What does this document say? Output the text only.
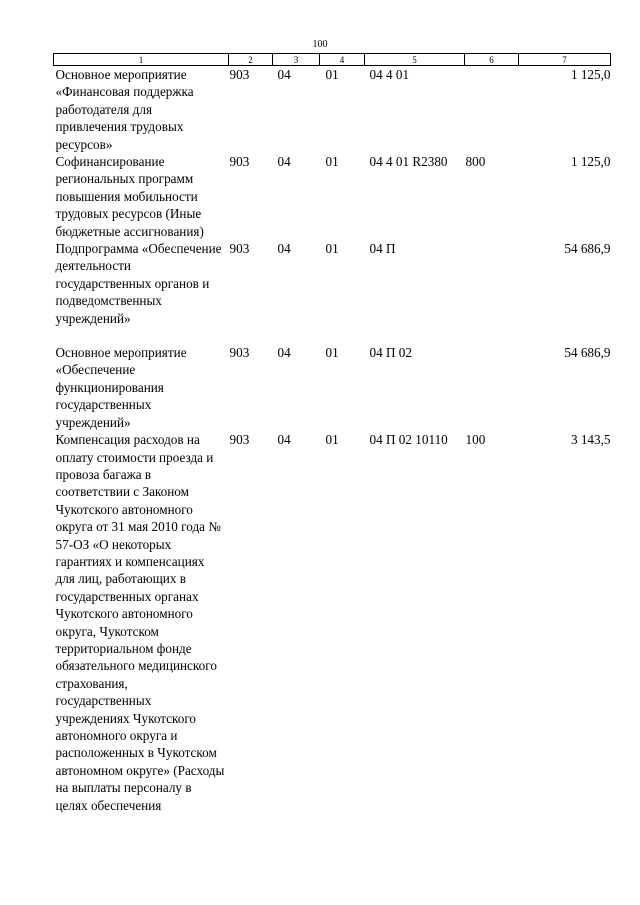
100
1	2	3	4	5	6	7
Основное мероприятие «Финансовая поддержка работодателя для привлечения трудовых ресурсов»	903	04	01	04 4 01		1 125,0
Софинансирование региональных программ повышения мобильности трудовых ресурсов (Иные бюджетные ассигнования)	903	04	01	04 4 01 R2380	800	1 125,0
Подпрограмма «Обеспечение деятельности государственных органов и подведомственных учреждений»	903	04	01	04 П		54 686,9
Основное мероприятие «Обеспечение функционирования государственных учреждений»	903	04	01	04 П 02		54 686,9
Компенсация расходов на оплату стоимости проезда и провоза багажа в соответствии с Законом Чукотского автономного округа от 31 мая 2010 года № 57-ОЗ «О некоторых гарантиях и компенсациях для лиц, работающих в государственных органах Чукотского автономного округа, Чукотском территориальном фонде обязательного медицинского страхования, государственных учреждениях Чукотского автономного округа и расположенных в Чукотском автономном округе» (Расходы на выплаты персоналу в целях обеспечения	903	04	01	04 П 02 10110	100	3 143,5
